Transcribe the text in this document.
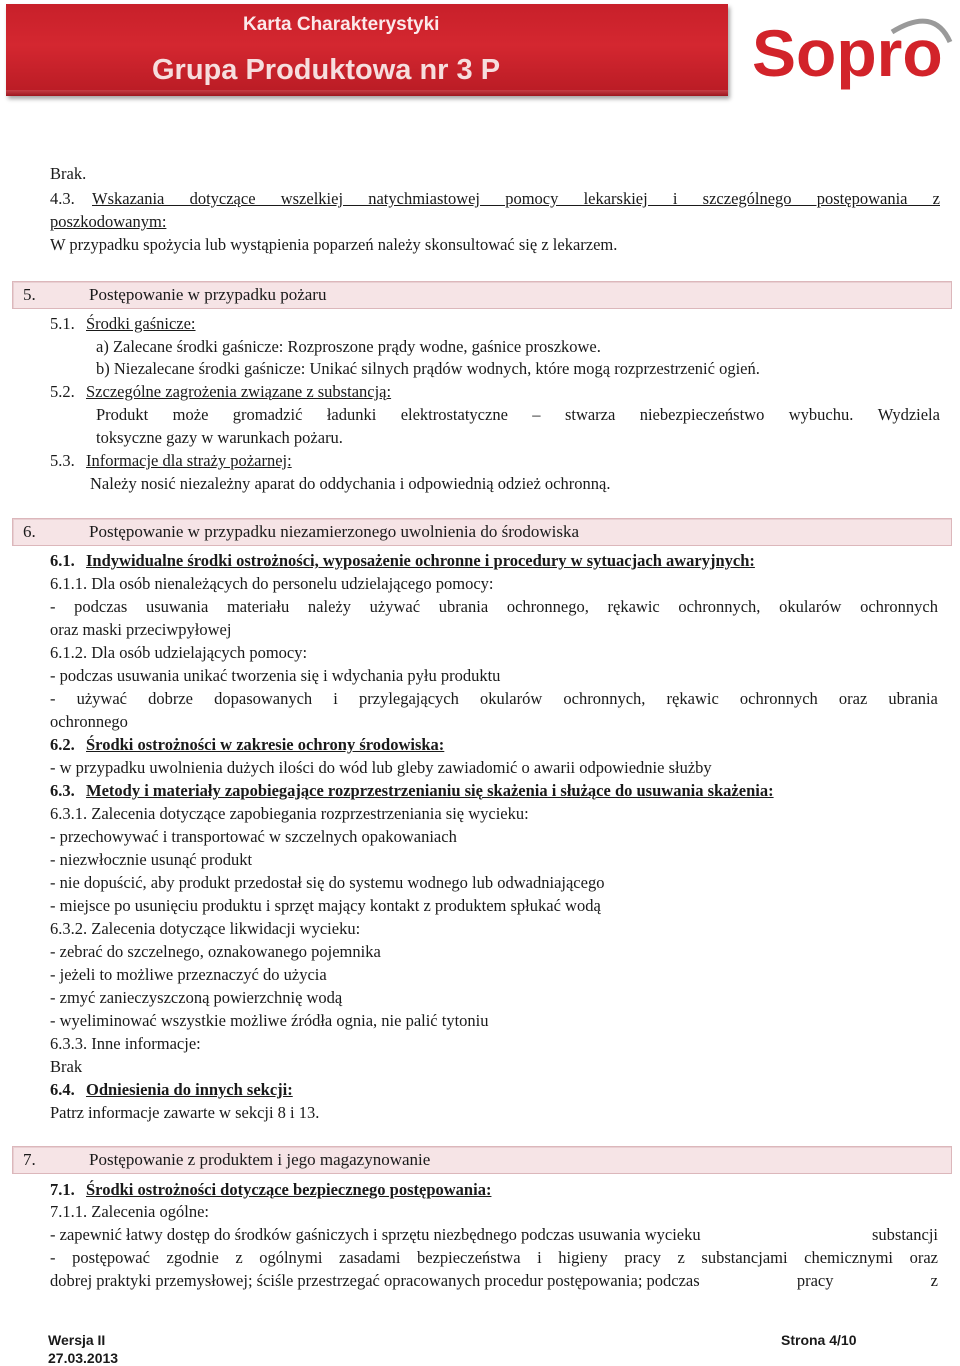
Karta Charakterystyki
Grupa Produktowa nr 3 P	Sopro
Brak.
4.3. Wskazania dotyczące wszelkiej natychmiastowej pomocy lekarskiej i szczególnego postępowania z
poszkodowanym:
W przypadku spożycia lub wystąpienia poparzeń należy skonsultować się z lekarzem.
5.	Postępowanie w przypadku pożaru
5.1. Środki gaśnicze:
a) Zalecane środki gaśnicze: Rozproszone prądy wodne, gaśnice proszkowe.
b) Niezalecane środki gaśnicze: Unikać silnych prądów wodnych, które mogą rozprzestrzenić ogień.
5.2. Szczególne zagrożenia związane z substancją:
Produkt może gromadzić ładunki elektrostatyczne – stwarza niebezpieczeństwo wybuchu. Wydziela
toksyczne gazy w warunkach pożaru.
5.3. Informacje dla straży pożarnej:
Należy nosić niezależny aparat do oddychania i odpowiednią odzież ochronną.
6.	Postępowanie w przypadku niezamierzonego uwolnienia do środowiska
6.1. Indywidualne środki ostrożności, wyposażenie ochronne i procedury w sytuacjach awaryjnych:
6.1.1. Dla osób nienależących do personelu udzielającego pomocy:
- podczas usuwania materiału należy używać ubrania ochronnego, rękawic ochronnych, okularów ochronnych
oraz maski przeciwpyłowej
6.1.2. Dla osób udzielających pomocy:
- podczas usuwania unikać tworzenia się i wdychania pyłu produktu
- używać dobrze dopasowanych i przylegających okularów ochronnych, rękawic ochronnych oraz ubrania
ochronnego
6.2. Środki ostrożności w zakresie ochrony środowiska:
- w przypadku uwolnienia dużych ilości do wód lub gleby zawiadomić o awarii odpowiednie służby
6.3. Metody i materiały zapobiegające rozprzestrzenianiu się skażenia i służące do usuwania skażenia:
6.3.1. Zalecenia dotyczące zapobiegania rozprzestrzeniania się wycieku:
- przechowywać i transportować w szczelnych opakowaniach
- niezwłocznie usunąć produkt
- nie dopuścić, aby produkt przedostał się do systemu wodnego lub odwadniającego
- miejsce po usunięciu produktu i sprzęt mający kontakt z produktem spłukać wodą
6.3.2. Zalecenia dotyczące likwidacji wycieku:
- zebrać do szczelnego, oznakowanego pojemnika
- jeżeli to możliwe przeznaczyć do użycia
- zmyć zanieczyszczoną powierzchnię wodą
- wyeliminować wszystkie możliwe źródła ognia, nie palić tytoniu
6.3.3. Inne informacje:
Brak
6.4. Odniesienia do innych sekcji:
Patrz informacje zawarte w sekcji 8 i 13.
7.	Postępowanie z produktem i jego magazynowanie
7.1. Środki ostrożności dotyczące bezpiecznego postępowania:
7.1.1. Zalecenia ogólne:
- zapewnić łatwy dostęp do środków gaśniczych i sprzętu niezbędnego podczas usuwania wycieku	substancji
- postępować zgodnie z ogólnymi zasadami bezpieczeństwa i higieny pracy z substancjami chemicznymi oraz
dobrej praktyki przemysłowej; ściśle przestrzegać opracowanych procedur postępowania; podczas	pracy	z
Wersja II
27.03.2013
Strona 4/10
